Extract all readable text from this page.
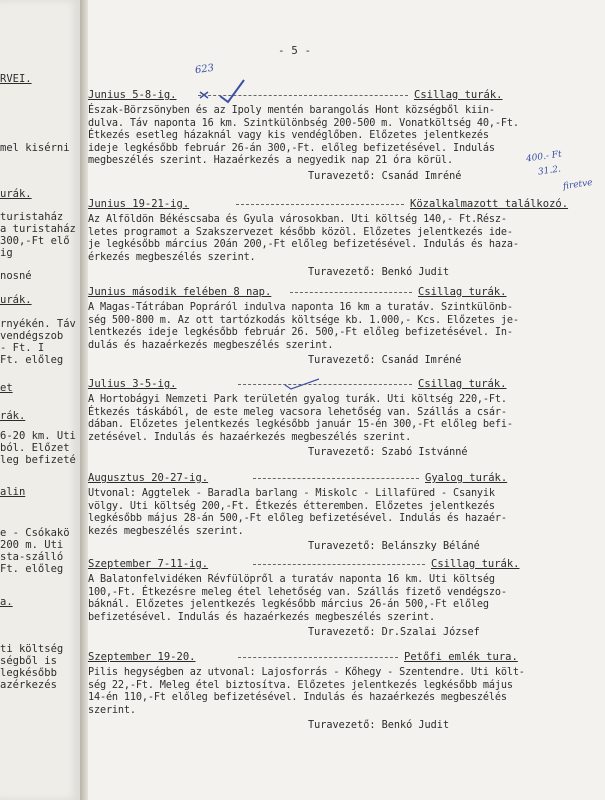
RVEI.
mel kisérni
urák.
turistaház
a turistaház
300,-Ft elő
ig
nosné
urák.
rnyékén. Táv
vendégszob
- Ft. I
Ft. előleg
et
rák.
6-20 km. Uti
ból. Előzet
leg befizeté
alin
e - Csókakö
200 m. Uti
sta-szálló
Ft. előleg
a.
ti költség
ségből is
legkésőbb
azérkezés
- 5 -
623
400.- Ft
31.2.
firetve
Junius 5-8-ig.	Csillag turák.
Észak-Börzsönyben és az Ipoly mentén barangolás Hont községből kiin-
dulva. Táv naponta 16 km. Szintkülönbség 200-500 m. Vonatköltség 40,-Ft.
Étkezés esetleg házaknál vagy kis vendéglőben. Előzetes jelentkezés
ideje legkésőbb február 26-án 300,-Ft. előleg befizetésével. Indulás
megbeszélés szerint. Hazaérkezés a negyedik nap 21 óra körül.
Turavezető: Csanád Imréné
Junius 19-21-ig.	Közalkalmazott találkozó.
Az Alföldön Békéscsaba és Gyula városokban. Uti költség 140,- Ft.Rész-
letes programot a Szakszervezet később közöl. Előzetes jelentkezés ide-
je legkésőbb március 20án 200,-Ft előleg befizetésével. Indulás és haza-
érkezés megbeszélés szerint.
Turavezető: Benkó Judit
Junius második felében 8 nap.	Csillag turák.
A Magas-Tátrában Popráról indulva naponta 16 km a turatáv. Szintkülönb-
ség 500-800 m. Az ott tartózkodás költsége kb. 1.000,- Kcs. Előzetes je-
lentkezés ideje legkésőbb február 26. 500,-Ft előleg befizetésével. In-
dulás és hazaérkezés megbeszélés szerint.
Turavezető: Csanád Imréné
Julius 3-5-ig.	Csillag turák.
A Hortobágyi Nemzeti Park területén gyalog turák. Uti költség 220,-Ft.
Étkezés táskából, de este meleg vacsora lehetőség van. Szállás a csár-
dában. Előzetes jelentkezés legkésőbb január 15-én 300,-Ft előleg befi-
zetésével. Indulás és hazaérkezés megbeszélés szerint.
Turavezető: Szabó Istvánné
Augusztus 20-27-ig.	Gyalog turák.
Utvonal: Aggtelek - Baradla barlang - Miskolc - Lillafüred - Csanyik
völgy. Uti költség 200,-Ft. Étkezés étteremben. Előzetes jelentkezés
legkésőbb május 28-án 500,-Ft előleg befizetésével. Indulás és hazaér-
kezés megbeszélés szerint.
Turavezető: Belánszky Béláné
Szeptember 7-11-ig.	Csillag turák.
A Balatonfelvidéken Révfülöpről a turatáv naponta 16 km. Uti költség
100,-Ft. Étkezésre meleg étel lehetőség van. Szállás fizető vendégszo-
báknál. Előzetes jelentkezés legkésőbb március 26-án 500,-Ft előleg
befizetésével. Indulás és hazaérkezés megbeszélés szerint.
Turavezető: Dr.Szalai József
Szeptember 19-20.	Petőfi emlék tura.
Pilis hegységben az utvonal: Lajosforrás - Kőhegy - Szentendre. Uti költ-
ség 22,-Ft. Meleg étel biztosítva. Előzetes jelentkezés legkésőbb május
14-én 110,-Ft előleg befizetésével. Indulás és hazaérkezés megbeszélés
szerint.
Turavezető: Benkó Judit
